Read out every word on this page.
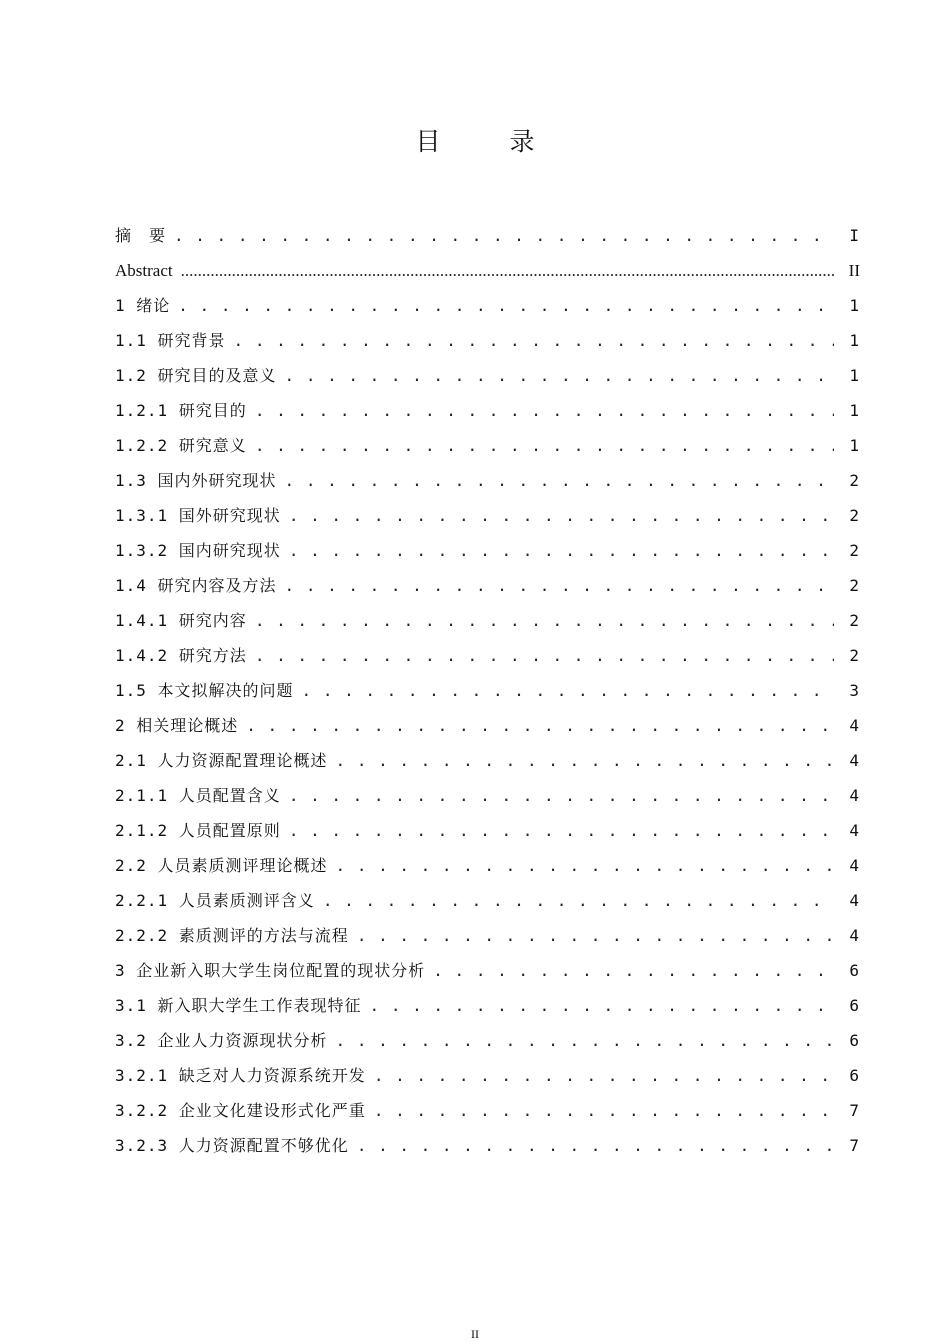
目　录
摘　要 . . .	I
Abstract .....	II
1 绪论 . . .	1
1.1 研究背景 . . .	1
1.2 研究目的及意义 . . .	1
1.2.1 研究目的 . . .	1
1.2.2 研究意义 . . .	1
1.3 国内外研究现状 . . .	2
1.3.1 国外研究现状 . . .	2
1.3.2 国内研究现状 . . .	2
1.4 研究内容及方法 . . .	2
1.4.1 研究内容 . . .	2
1.4.2 研究方法 . . .	2
1.5 本文拟解决的问题 . . .	3
2 相关理论概述 . . .	4
2.1 人力资源配置理论概述 . . .	4
2.1.1 人员配置含义 . . .	4
2.1.2 人员配置原则 . . .	4
2.2 人员素质测评理论概述 . . .	4
2.2.1 人员素质测评含义 . . .	4
2.2.2 素质测评的方法与流程 . . .	4
3 企业新入职大学生岗位配置的现状分析 . . .	6
3.1 新入职大学生工作表现特征 . . .	6
3.2 企业人力资源现状分析 . . .	6
3.2.1 缺乏对人力资源系统开发 . . .	6
3.2.2 企业文化建设形式化严重 . . .	7
3.2.3 人力资源配置不够优化 . . .	7
II
